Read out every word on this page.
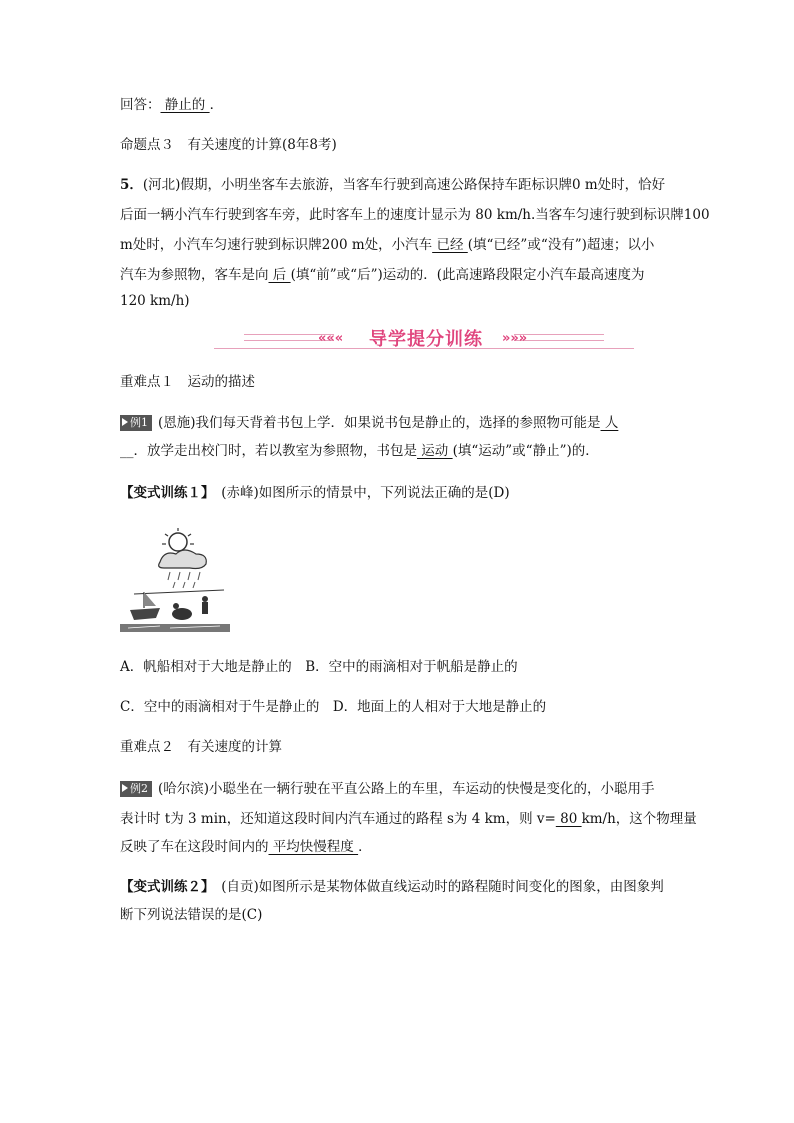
回答： 静止的 ．
命题点３　有关速度的计算(8年8考)
5．(河北)假期，小明坐客车去旅游，当客车行驶到高速公路保持车距标识牌0 m处时，恰好
后面一辆小汽车行驶到客车旁，此时客车上的速度计显示为 80 km/h.当客车匀速行驶到标识牌100
m处时，小汽车匀速行驶到标识牌200 m处，小汽车 已经 (填“已经”或“没有”)超速；以小
汽车为参照物，客车是向 后 (填“前”或“后”)运动的．(此高速路段限定小汽车最高速度为
120 km/h)
«««	导学提分训练	»»»
重难点１　运动的描述
例1 (恩施)我们每天背着书包上学．如果说书包是静止的，选择的参照物可能是 人
__．放学走出校门时，若以教室为参照物，书包是 运动 (填“运动”或“静止”)的．
【变式训练１】　(赤峰)如图所示的情景中，下列说法正确的是(D)
A．帆船相对于大地是静止的　 B．空中的雨滴相对于帆船是静止的
C．空中的雨滴相对于牛是静止的　 D．地面上的人相对于大地是静止的
重难点２　有关速度的计算
例2 (哈尔滨)小聪坐在一辆行驶在平直公路上的车里，车运动的快慢是变化的，小聪用手
表计时 t为 3 min，还知道这段时间内汽车通过的路程 s为 4 km，则 v= 80 km/h，这个物理量
反映了车在这段时间内的 平均快慢程度 ．
【变式训练２】　(自贡)如图所示是某物体做直线运动时的路程随时间变化的图象，由图象判
断下列说法错误的是(C)
